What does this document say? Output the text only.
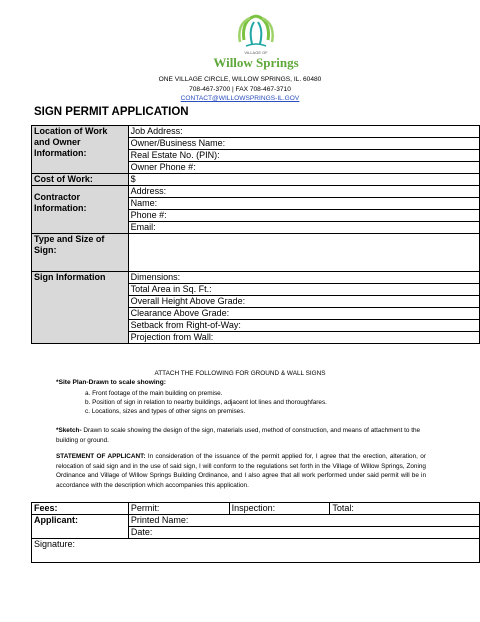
VILLAGE OF
Willow Springs
ONE VILLAGE CIRCLE, WILLOW SPRINGS, IL. 60480
708-467-3700 | FAX 708-467-3710
CONTACT@WILLOWSPRINGS-IL.GOV
SIGN PERMIT APPLICATION
Location of Work and Owner Information:	Job Address:
	Owner/Business Name:
	Real Estate No. (PIN):
	Owner Phone #:
Cost of Work:	$
Contractor Information:	Address:
	Name:
	Phone #:
	Email:
Type and Size of Sign:	
Sign Information	Dimensions:
	Total Area in Sq. Ft.:
	Overall Height Above Grade:
	Clearance Above Grade:
	Setback from Right-of-Way:
	Projection from Wall:
ATTACH THE FOLLOWING FOR GROUND & WALL SIGNS
*Site Plan-Drawn to scale showing:
a. Front footage of the main building on premise.
b. Position of sign in relation to nearby buildings, adjacent lot lines and thoroughfares.
c. Locations, sizes and types of other signs on premises.
*Sketch- Drawn to scale showing the design of the sign, materials used, method of construction, and means of attachment to the building or ground.
STATEMENT OF APPLICANT: In consideration of the issuance of the permit applied for, I agree that the erection, alteration, or relocation of said sign and in the use of said sign, I will conform to the regulations set forth in the Village of Willow Springs, Zoning Ordinance and Village of Willow Springs Building Ordinance, and I also agree that all work performed under said permit will be in accordance with the description which accompanies this application.
Fees:	Permit:	Inspection:	Total:
Applicant:	Printed Name:		
	Date:		
Signature:			
